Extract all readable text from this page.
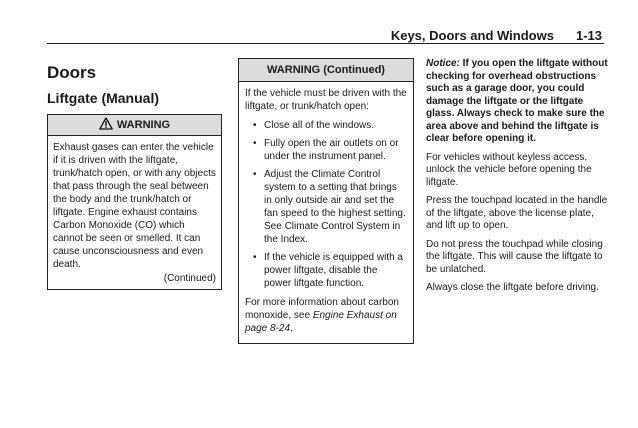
Keys, Doors and Windows 1-13
Doors
Liftgate (Manual)
WARNING

Exhaust gases can enter the vehicle if it is driven with the liftgate, trunk/hatch open, or with any objects that pass through the seal between the body and the trunk/hatch or liftgate. Engine exhaust contains Carbon Monoxide (CO) which cannot be seen or smelled. It can cause unconsciousness and even death.

(Continued)
WARNING (Continued)

If the vehicle must be driven with the liftgate, or trunk/hatch open:

• Close all of the windows.
• Fully open the air outlets on or under the instrument panel.
• Adjust the Climate Control system to a setting that brings in only outside air and set the fan speed to the highest setting. See Climate Control System in the Index.
• If the vehicle is equipped with a power liftgate, disable the power liftgate function.

For more information about carbon monoxide, see Engine Exhaust on page 8-24.

Notice: If you open the liftgate without checking for overhead obstructions such as a garage door, you could damage the liftgate or the liftgate glass. Always check to make sure the area above and behind the liftgate is clear before opening it.

For vehicles without keyless access, unlock the vehicle before opening the liftgate.

Press the touchpad located in the handle of the liftgate, above the license plate, and lift up to open.

Do not press the touchpad while closing the liftgate. This will cause the liftgate to be unlatched.

Always close the liftgate before driving.
